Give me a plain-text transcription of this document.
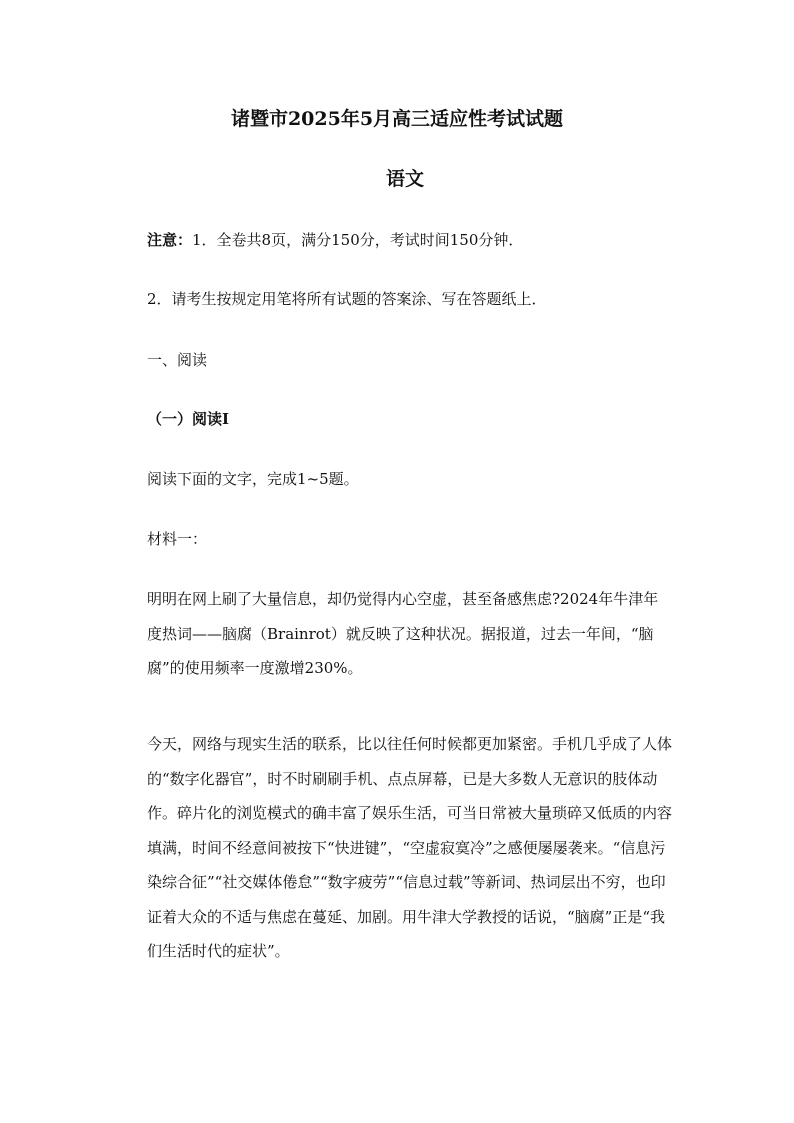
诸暨市2025年5月高三适应性考试试题
语文
注意：1．全卷共8页，满分150分，考试时间150分钟．
2．请考生按规定用笔将所有试题的答案涂、写在答题纸上．
一、阅读
（一）阅读Ⅰ
阅读下面的文字，完成1~5题。
材料一：

明明在网上刷了大量信息，却仍觉得内心空虚，甚至备感焦虑?2024年牛津年度热词——脑腐（Brainrot）就反映了这种状况。据报道，过去一年间，“脑腐”的使用频率一度激增230%。

今天，网络与现实生活的联系，比以往任何时候都更加紧密。手机几乎成了人体的“数字化器官”，时不时刷刷手机、点点屏幕，已是大多数人无意识的肢体动作。碎片化的浏览模式的确丰富了娱乐生活，可当日常被大量琐碎又低质的内容填满，时间不经意间被按下“快进键”，“空虚寂寞冷”之感便屡屡袭来。“信息污染综合征”“社交媒体倦怠”“数字疲劳”“信息过载”等新词、热词层出不穷，也印证着大众的不适与焦虑在蔓延、加剧。用牛津大学教授的话说，“脑腐”正是“我们生活时代的症状”。
